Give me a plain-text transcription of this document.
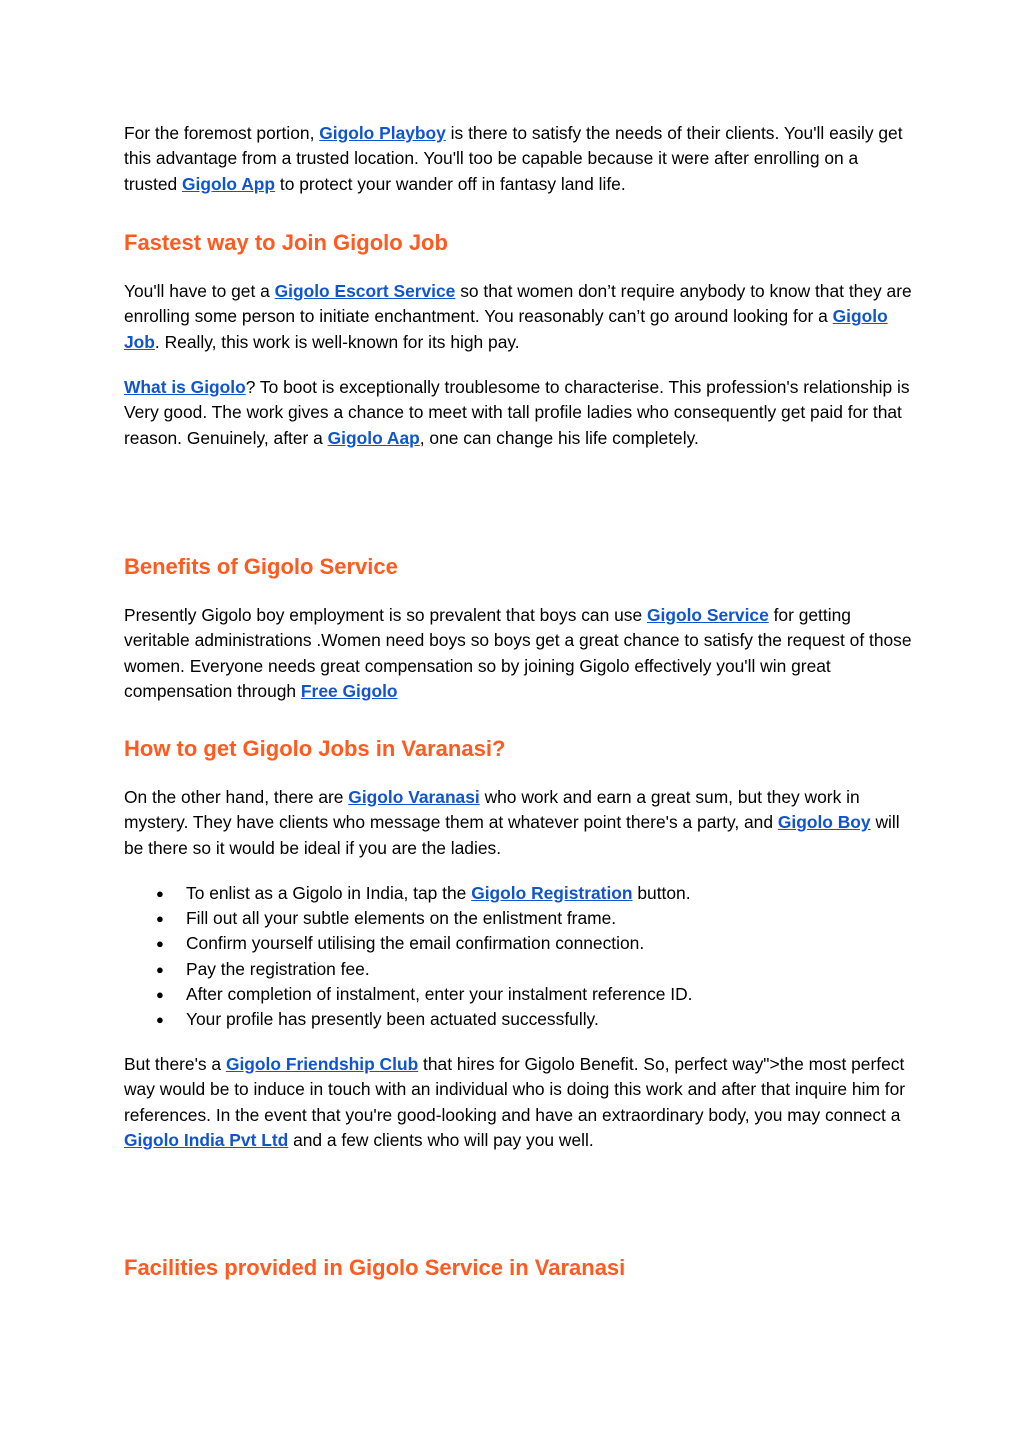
For the foremost portion, Gigolo Playboy is there to satisfy the needs of their clients. You'll easily get this advantage from a trusted location. You'll too be capable because it were after enrolling on a trusted Gigolo App to protect your wander off in fantasy land life.

Fastest way to Join Gigolo Job

You'll have to get a Gigolo Escort Service so that women don’t require anybody to know that they are enrolling some person to initiate enchantment. You reasonably can’t go around looking for a Gigolo Job. Really, this work is well-known for its high pay.

What is Gigolo? To boot is exceptionally troublesome to characterise. This profession's relationship is Very good. The work gives a chance to meet with tall profile ladies who consequently get paid for that reason. Genuinely, after a Gigolo Aap, one can change his life completely.

Benefits of Gigolo Service

Presently Gigolo boy employment is so prevalent that boys can use Gigolo Service for getting veritable administrations .Women need boys so boys get a great chance to satisfy the request of those women. Everyone needs great compensation so by joining Gigolo effectively you'll win great compensation through Free Gigolo

How to get Gigolo Jobs in Varanasi?

On the other hand, there are Gigolo Varanasi who work and earn a great sum, but they work in mystery. They have clients who message them at whatever point there's a party, and Gigolo Boy will be there so it would be ideal if you are the ladies.

● To enlist as a Gigolo in India, tap the Gigolo Registration button.
● Fill out all your subtle elements on the enlistment frame.
● Confirm yourself utilising the email confirmation connection.
● Pay the registration fee.
● After completion of instalment, enter your instalment reference ID.
● Your profile has presently been actuated successfully.

But there's a Gigolo Friendship Club that hires for Gigolo Benefit. So, perfect way">the most perfect way would be to induce in touch with an individual who is doing this work and after that inquire him for references. In the event that you're good-looking and have an extraordinary body, you may connect a Gigolo India Pvt Ltd and a few clients who will pay you well.

Facilities provided in Gigolo Service in Varanasi
